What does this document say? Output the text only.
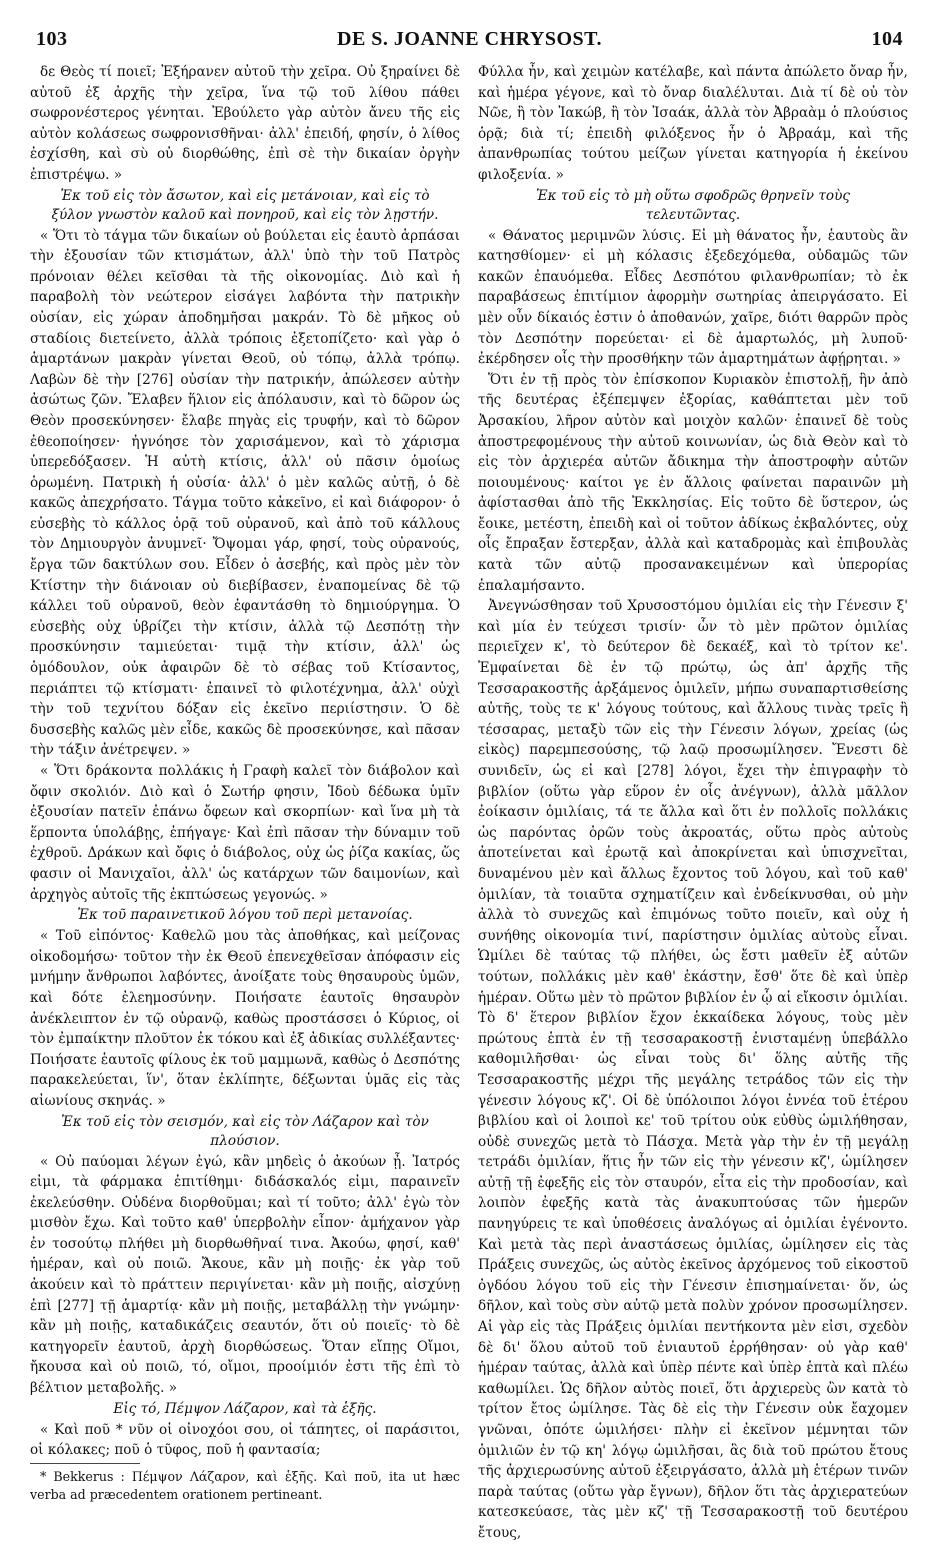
103	DE S. JOANNE CHRYSOST.	104

δε Θεὸς τί ποιεῖ; Ἐξήρανεν αὐτοῦ τὴν χεῖρα. Οὐ ξηραίνει δὲ αὐτοῦ ἐξ ἀρχῆς τὴν χεῖρα, ἵνα τῷ τοῦ λίθου πάθει σωφρονέστερος γένηται. Ἐβούλετο γὰρ αὐτὸν ἄνευ τῆς εἰς αὐτὸν κολάσεως σωφρονισθῆναι· ἀλλ' ἐπειδή, φησίν, ὁ λίθος ἐσχίσθη, καὶ σὺ οὐ διορθώθης, ἐπὶ σὲ τὴν δικαίαν ὀργὴν ἐπιστρέψω. »

Ἐκ τοῦ εἰς τὸν ἄσωτον, καὶ εἰς μετάνοιαν, καὶ εἰς τὸ ξύλον γνωστὸν καλοῦ καὶ πονηροῦ, καὶ εἰς τὸν λῃστήν.

« Ὅτι τὸ τάγμα τῶν δικαίων οὐ βούλεται εἰς ἑαυτὸ ἁρπάσαι τὴν ἐξουσίαν τῶν κτισμάτων, ἀλλ' ὑπὸ τὴν τοῦ Πατρὸς πρόνοιαν θέλει κεῖσθαι τὰ τῆς οἰκονομίας. Διὸ καὶ ἡ παραβολὴ τὸν νεώτερον εἰσάγει λαβόντα τὴν πατρικὴν οὐσίαν, εἰς χώραν ἀποδημῆσαι μακράν. Τὸ δὲ μῆκος οὐ σταδίοις διετείνετο, ἀλλὰ τρόποις ἐξετοπίζετο· καὶ γὰρ ὁ ἁμαρτάνων μακρὰν γίνεται Θεοῦ, οὐ τόπῳ, ἀλλὰ τρόπῳ. Λαβὼν δὲ τὴν [276] οὐσίαν τὴν πατρικήν, ἀπώλεσεν αὐτὴν ἀσώτως ζῶν. Ἔλαβεν ἥλιον εἰς ἀπόλαυσιν, καὶ τὸ δῶρον ὡς Θεὸν προσεκύνησεν· ἔλαβε πηγὰς εἰς τρυφήν, καὶ τὸ δῶρον ἐθεοποίησεν· ἠγνόησε τὸν χαρισάμενον, καὶ τὸ χάρισμα ὑπερεδόξασεν. Ἡ αὐτὴ κτίσις, ἀλλ' οὐ πᾶσιν ὁμοίως ὁρωμένη. Πατρικὴ ἡ οὐσία· ἀλλ' ὁ μὲν καλῶς αὐτῇ, ὁ δὲ κακῶς ἀπεχρήσατο. Τάγμα τοῦτο κἀκεῖνο, εἰ καὶ διάφορον· ὁ εὐσεβὴς τὸ κάλλος ὁρᾷ τοῦ οὐρανοῦ, καὶ ἀπὸ τοῦ κάλλους τὸν Δημιουργὸν ἀνυμνεῖ· Ὄψομαι γάρ, φησί, τοὺς οὐρανούς, ἔργα τῶν δακτύλων σου. Εἶδεν ὁ ἀσεβής, καὶ πρὸς μὲν τὸν Κτίστην τὴν διάνοιαν οὐ διεβίβασεν, ἐναπομείνας δὲ τῷ κάλλει τοῦ οὐρανοῦ, θεὸν ἐφαντάσθη τὸ δημιούργημα. Ὁ εὐσεβὴς οὐχ ὑβρίζει τὴν κτίσιν, ἀλλὰ τῷ Δεσπότῃ τὴν προσκύνησιν ταμιεύεται· τιμᾷ τὴν κτίσιν, ἀλλ' ὡς ὁμόδουλον, οὐκ ἀφαιρῶν δὲ τὸ σέβας τοῦ Κτίσαντος, περιάπτει τῷ κτίσματι· ἐπαινεῖ τὸ φιλοτέχνημα, ἀλλ' οὐχὶ τὴν τοῦ τεχνίτου δόξαν εἰς ἐκεῖνο περιίστησιν. Ὁ δὲ δυσσεβὴς καλῶς μὲν εἶδε, κακῶς δὲ προσεκύνησε, καὶ πᾶσαν τὴν τάξιν ἀνέτρεψεν. »

« Ὅτι δράκοντα πολλάκις ἡ Γραφὴ καλεῖ τὸν διάβολον καὶ ὄφιν σκολιόν. Διὸ καὶ ὁ Σωτήρ φησιν, Ἰδοὺ δέδωκα ὑμῖν ἐξουσίαν πατεῖν ἐπάνω ὄφεων καὶ σκορπίων· καὶ ἵνα μὴ τὰ ἕρποντα ὑπολάβῃς, ἐπήγαγε· Καὶ ἐπὶ πᾶσαν τὴν δύναμιν τοῦ ἐχθροῦ. Δράκων καὶ ὄφις ὁ διάβολος, οὐχ ὡς ῥίζα κακίας, ὥς φασιν οἱ Μανιχαῖοι, ἀλλ' ὡς κατάρχων τῶν δαιμονίων, καὶ ἀρχηγὸς αὐτοῖς τῆς ἐκπτώσεως γεγονώς. »

Ἐκ τοῦ παραινετικοῦ λόγου τοῦ περὶ μετανοίας.

« Τοῦ εἰπόντος· Καθελῶ μου τὰς ἀποθήκας, καὶ μείζονας οἰκοδομήσω· τοῦτον τὴν ἐκ Θεοῦ ἐπενεχθεῖσαν ἀπόφασιν εἰς μνήμην ἄνθρωποι λαβόντες, ἀνοίξατε τοὺς θησαυροὺς ὑμῶν, καὶ δότε ἐλεημοσύνην. Ποιήσατε ἑαυτοῖς θησαυρὸν ἀνέκλειπτον ἐν τῷ οὐρανῷ, καθὼς προστάσσει ὁ Κύριος, οἱ τὸν ἐμπαίκτην πλοῦτον ἐκ τόκου καὶ ἐξ ἀδικίας συλλέξαντες· Ποιήσατε ἑαυτοῖς φίλους ἐκ τοῦ μαμμωνᾶ, καθὼς ὁ Δεσπότης παρακελεύεται, ἵν', ὅταν ἐκλίπητε, δέξωνται ὑμᾶς εἰς τὰς αἰωνίους σκηνάς. »

Ἐκ τοῦ εἰς τὸν σεισμόν, καὶ εἰς τὸν Λάζαρον καὶ τὸν πλούσιον.

« Οὐ παύομαι λέγων ἐγώ, κἂν μηδεὶς ὁ ἀκούων ᾖ. Ἰατρός εἰμι, τὰ φάρμακα ἐπιτίθημι· διδάσκαλός εἰμι, παραινεῖν ἐκελεύσθην. Οὐδένα διορθοῦμαι; καὶ τί τοῦτο; ἀλλ' ἐγὼ τὸν μισθὸν ἔχω. Καὶ τοῦτο καθ' ὑπερβολὴν εἶπον· ἀμήχανον γὰρ ἐν τοσούτῳ πλήθει μὴ διορθωθῆναί τινα. Ἀκούω, φησί, καθ' ἡμέραν, καὶ οὐ ποιῶ. Ἄκουε, κἂν μὴ ποιῇς· ἐκ γὰρ τοῦ ἀκούειν καὶ τὸ πράττειν περιγίνεται· κἂν μὴ ποιῇς, αἰσχύνῃ ἐπὶ [277] τῇ ἁμαρτίᾳ· κἂν μὴ ποιῇς, μεταβάλλῃ τὴν γνώμην· κἂν μὴ ποιῇς, καταδικάζεις σεαυτόν, ὅτι οὐ ποιεῖς· τὸ δὲ κατηγορεῖν ἑαυτοῦ, ἀρχὴ διορθώσεως. Ὅταν εἴπῃς Οἴμοι, ἤκουσα καὶ οὐ ποιῶ, τό, οἴμοι, προοίμιόν ἐστι τῆς ἐπὶ τὸ βέλτιον μεταβολῆς. »

Εἰς τό, Πέμψον Λάζαρον, καὶ τὰ ἑξῆς.

« Καὶ ποῦ * νῦν οἱ οἰνοχόοι σου, οἱ τάπητες, οἱ παράσιτοι, οἱ κόλακες; ποῦ ὁ τῦφος, ποῦ ἡ φαντασία;

* Bekkerus : Πέμψον Λάζαρον, καὶ ἑξῆς. Καὶ ποῦ, ita ut hæc verba ad præcedentem orationem pertineant.

Φύλλα ἦν, καὶ χειμὼν κατέλαβε, καὶ πάντα ἀπώλετο ὄναρ ἦν, καὶ ἡμέρα γέγονε, καὶ τὸ ὄναρ διαλέλυται. Διὰ τί δὲ οὐ τὸν Νῶε, ἢ τὸν Ἰακώβ, ἢ τὸν Ἰσαάκ, ἀλλὰ τὸν Ἀβραὰμ ὁ πλούσιος ὁρᾷ; διὰ τί; ἐπειδὴ φιλόξενος ἦν ὁ Ἀβραάμ, καὶ τῆς ἀπανθρωπίας τούτου μείζων γίνεται κατηγορία ἡ ἐκείνου φιλοξενία. »

Ἐκ τοῦ εἰς τὸ μὴ οὕτω σφοδρῶς θρηνεῖν τοὺς τελευτῶντας.

« Θάνατος μεριμνῶν λύσις. Εἰ μὴ θάνατος ἦν, ἑαυτοὺς ἂν κατησθίομεν· εἰ μὴ κόλασις ἐξεδεχόμεθα, οὐδαμῶς τῶν κακῶν ἐπαυόμεθα. Εἶδες Δεσπότου φιλανθρωπίαν; τὸ ἐκ παραβάσεως ἐπιτίμιον ἀφορμὴν σωτηρίας ἀπειργάσατο. Εἰ μὲν οὖν δίκαιός ἐστιν ὁ ἀποθανών, χαῖρε, διότι θαρρῶν πρὸς τὸν Δεσπότην πορεύεται· εἰ δὲ ἁμαρτωλός, μὴ λυποῦ· ἐκέρδησεν οἷς τὴν προσθήκην τῶν ἁμαρτημάτων ἀφῄρηται. »

Ὅτι ἐν τῇ πρὸς τὸν ἐπίσκοπον Κυριακὸν ἐπιστολῇ, ἣν ἀπὸ τῆς δευτέρας ἐξέπεμψεν ἐξορίας, καθάπτεται μὲν τοῦ Ἀρσακίου, λῆρον αὐτὸν καὶ μοιχὸν καλῶν· ἐπαινεῖ δὲ τοὺς ἀποστρεφομένους τὴν αὐτοῦ κοινωνίαν, ὡς διὰ Θεὸν καὶ τὸ εἰς τὸν ἀρχιερέα αὐτῶν ἄδικημα τὴν ἀποστροφὴν αὐτῶν ποιουμένους· καίτοι γε ἐν ἄλλοις φαίνεται παραινῶν μὴ ἀφίστασθαι ἀπὸ τῆς Ἐκκλησίας. Εἰς τοῦτο δὲ ὕστερον, ὡς ἔοικε, μετέστη, ἐπειδὴ καὶ οἱ τοῦτον ἀδίκως ἐκβαλόντες, οὐχ οἷς ἔπραξαν ἔστερξαν, ἀλλὰ καὶ καταδρομὰς καὶ ἐπιβουλὰς κατὰ τῶν αὐτῷ προσανακειμένων καὶ ὑπερορίας ἐπαλαμήσαντο.

Ἀνεγνώσθησαν τοῦ Χρυσοστόμου ὁμιλίαι εἰς τὴν Γένεσιν ξ' καὶ μία ἐν τεύχεσι τρισίν· ὧν τὸ μὲν πρῶτον ὁμιλίας περιεῖχεν κ', τὸ δεύτερον δὲ δεκαέξ, καὶ τὸ τρίτον κε'. Ἐμφαίνεται δὲ ἐν τῷ πρώτῳ, ὡς ἀπ' ἀρχῆς τῆς Τεσσαρακοστῆς ἀρξάμενος ὁμιλεῖν, μήπω συναπαρτισθείσης αὐτῆς, τοὺς τε κ' λόγους τούτους, καὶ ἄλλους τινὰς τρεῖς ἢ τέσσαρας, μεταξὺ τῶν εἰς τὴν Γένεσιν λόγων, χρείας (ὡς εἰκὸς) παρεμπεσούσης, τῷ λαῷ προσωμίλησεν. Ἔνεστι δὲ συνιδεῖν, ὡς εἰ καὶ [278] λόγοι, ἔχει τὴν ἐπιγραφὴν τὸ βιβλίον (οὕτω γὰρ εὕρον ἐν οἷς ἀνέγνων), ἀλλὰ μᾶλλον ἐοίκασιν ὁμιλίαις, τά τε ἄλλα καὶ ὅτι ἐν πολλοῖς πολλάκις ὡς παρόντας ὁρῶν τοὺς ἀκροατάς, οὕτω πρὸς αὐτοὺς ἀποτείνεται καὶ ἐρωτᾷ καὶ ἀποκρίνεται καὶ ὑπισχνεῖται, δυναμένου μὲν καὶ ἄλλως ἔχοντος τοῦ λόγου, καὶ τοῦ καθ' ὁμιλίαν, τὰ τοιαῦτα σχηματίζειν καὶ ἐνδείκνυσθαι, οὐ μὴν ἀλλὰ τὸ συνεχῶς καὶ ἐπιμόνως τοῦτο ποιεῖν, καὶ οὐχ ἡ συνήθης οἰκονομία τινί, παρίστησιν ὁμιλίας αὐτοὺς εἶναι. Ὡμίλει δὲ ταύτας τῷ πλήθει, ὡς ἔστι μαθεῖν ἐξ αὐτῶν τούτων, πολλάκις μὲν καθ' ἑκάστην, ἔσθ' ὅτε δὲ καὶ ὑπὲρ ἡμέραν. Οὕτω μὲν τὸ πρῶτον βιβλίον ἐν ᾧ αἱ εἴκοσιν ὁμιλίαι. Τὸ δ' ἕτερον βιβλίον ἔχον ἑκκαίδεκα λόγους, τοὺς μὲν πρώτους ἑπτὰ ἐν τῇ τεσσαρακοστῇ ἐνισταμένῃ ὑπεβάλλο καθομιλῆσθαι· ὡς εἶναι τοὺς δι' ὅλης αὐτῆς τῆς Τεσσαρακοστῆς μέχρι τῆς μεγάλης τετράδος τῶν εἰς τὴν γένεσιν λόγους κζ'. Οἱ δὲ ὑπόλοιποι λόγοι ἐννέα τοῦ ἑτέρου βιβλίου καὶ οἱ λοιποὶ κε' τοῦ τρίτου οὐκ εὐθὺς ὡμιλήθησαν, οὐδὲ συνεχῶς μετὰ τὸ Πάσχα. Μετὰ γὰρ τὴν ἐν τῇ μεγάλῃ τετράδι ὁμιλίαν, ἥτις ἦν τῶν εἰς τὴν γένεσιν κζ', ὡμίλησεν αὐτῇ τῇ ἐφεξῆς εἰς τὸν σταυρόν, εἶτα εἰς τὴν προδοσίαν, καὶ λοιπὸν ἐφεξῆς κατὰ τὰς ἀνακυπτούσας τῶν ἡμερῶν πανηγύρεις τε καὶ ὑποθέσεις ἀναλόγως αἱ ὁμιλίαι ἐγένοντο. Καὶ μετὰ τὰς περὶ ἀναστάσεως ὁμιλίας, ὡμίλησεν εἰς τὰς Πράξεις συνεχῶς, ὡς αὐτὸς ἐκεῖνος ἀρχόμενος τοῦ εἰκοστοῦ ὀγδόου λόγου τοῦ εἰς τὴν Γένεσιν ἐπισημαίνεται· ὅν, ὡς δῆλον, καὶ τοὺς σὺν αὐτῷ μετὰ πολὺν χρόνον προσωμίλησεν. Αἱ γὰρ εἰς τὰς Πράξεις ὁμιλίαι πεντήκοντα μὲν εἰσι, σχεδὸν δὲ δι' ὅλου αὐτοῦ τοῦ ἐνιαυτοῦ ἐρρήθησαν· οὐ γὰρ καθ' ἡμέραν ταύτας, ἀλλὰ καὶ ὑπὲρ πέντε καὶ ὑπὲρ ἑπτὰ καὶ πλέω καθωμίλει. Ὡς δῆλον αὐτὸς ποιεῖ, ὅτι ἀρχιερεὺς ὢν κατὰ τὸ τρίτον ἔτος ὡμίλησε. Τὰς δὲ εἰς τὴν Γένεσιν οὐκ ἔαχομεν γνῶναι, ὁπότε ὡμιλήσει· πλὴν εἰ ἐκεῖνον μέμνηται τῶν ὁμιλιῶν ἐν τῷ κη' λόγῳ ὡμιλῆσαι, ἃς διὰ τοῦ πρώτου ἔτους τῆς ἀρχιερωσύνης αὐτοῦ ἐξειργάσατο, ἀλλὰ μὴ ἑτέρων τινῶν παρὰ ταύτας (οὕτω γὰρ ἔγνων), δῆλον ὅτι τὰς ἀρχιερατεύων κατεσκεύασε, τὰς μὲν κζ' τῇ Τεσσαρακοστῇ τοῦ δευτέρου ἔτους,
